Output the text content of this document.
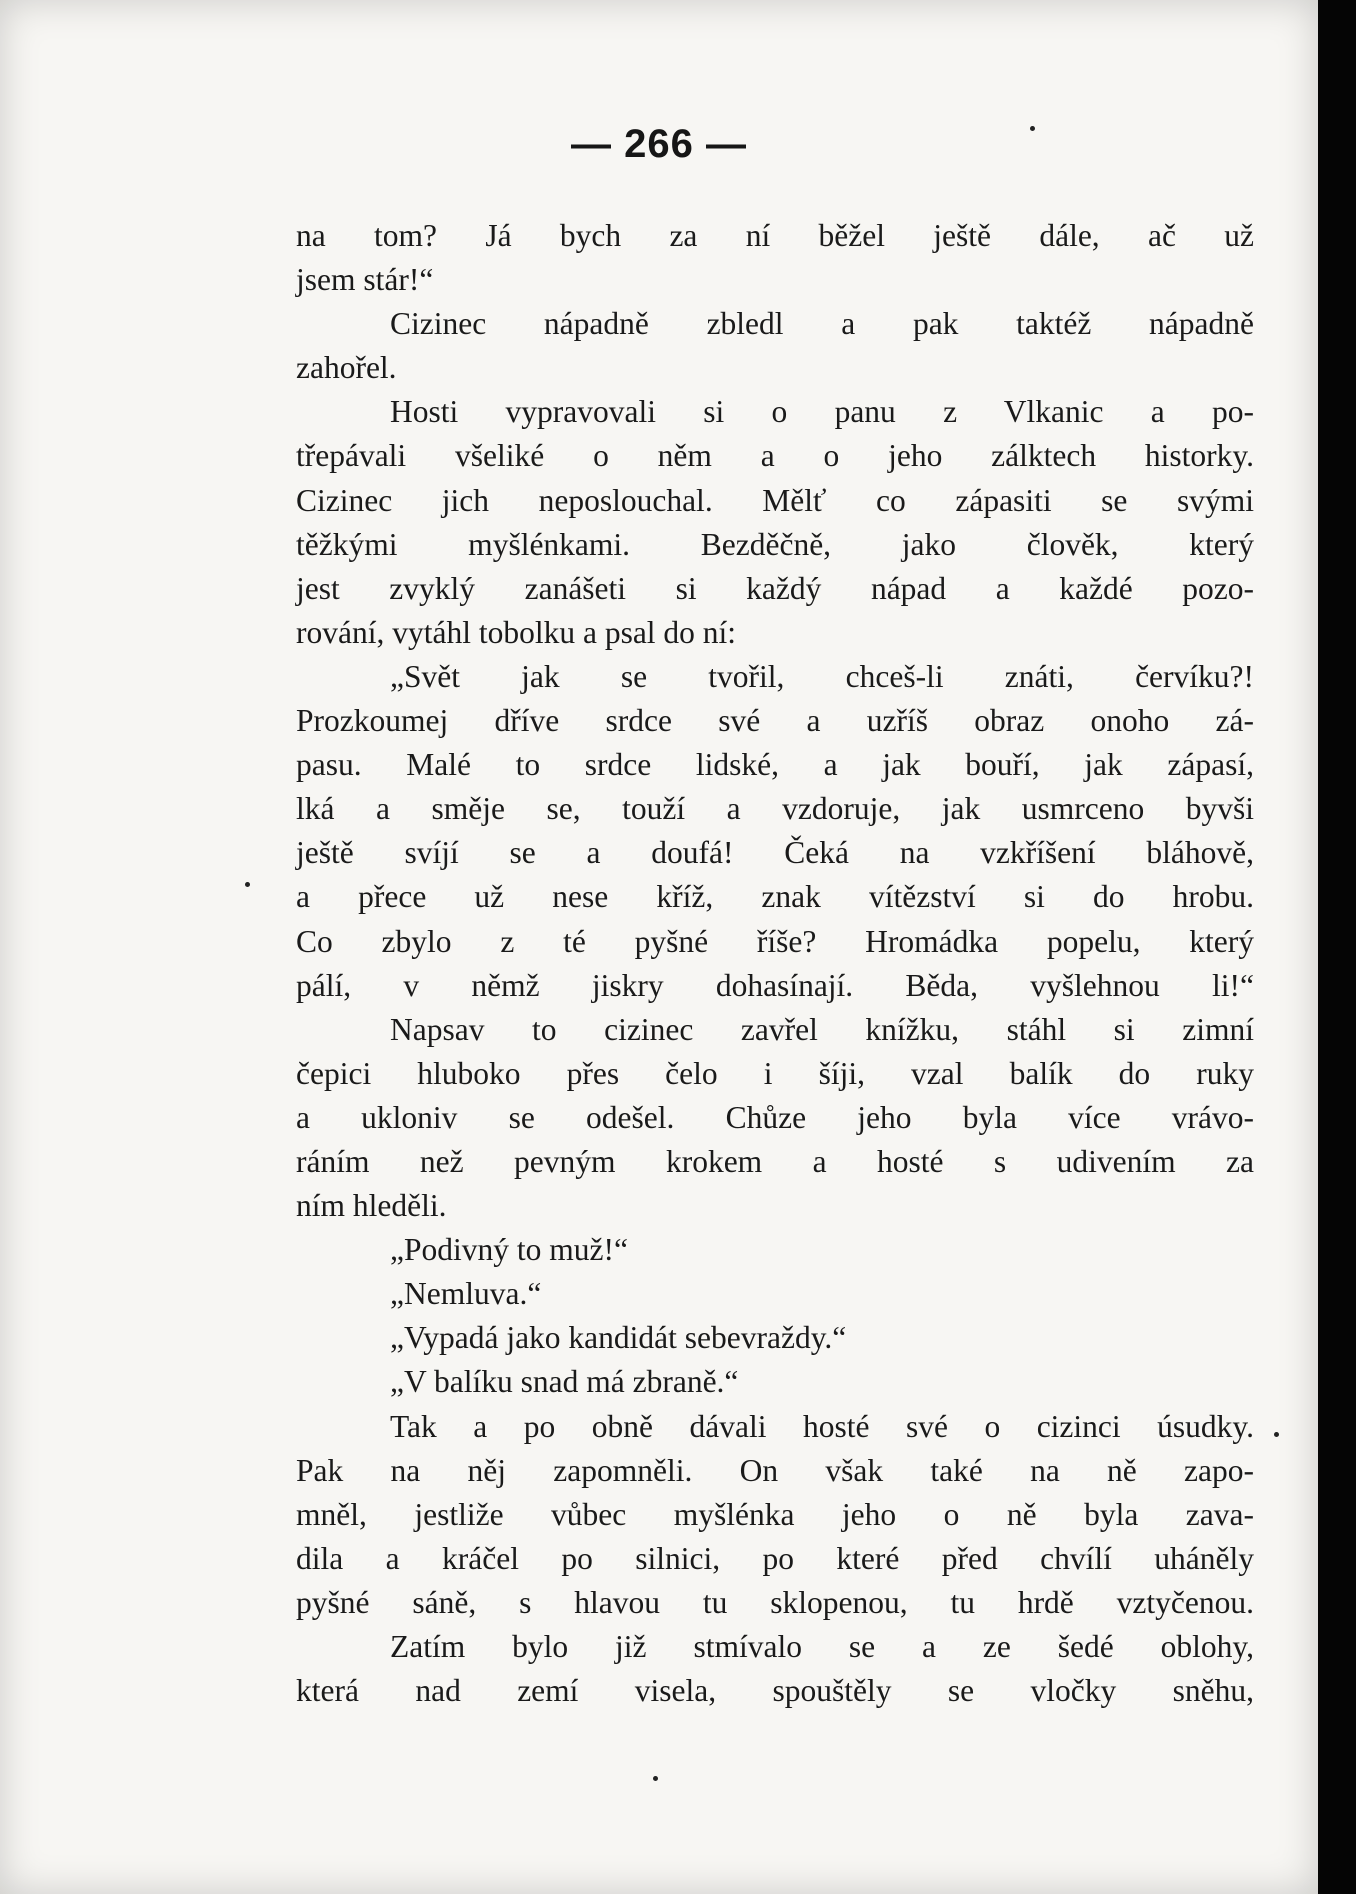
— 266 —
na tom? Já bych za ní běžel ještě dále, ač už
jsem stár!“
Cizinec nápadně zbledl a pak taktéž nápadně
zahořel.
Hosti vypravovali si o panu z Vlkanic a po-
třepávali všeliké o něm a o jeho zálktech historky.
Cizinec jich neposlouchal. Mělť co zápasiti se svými
těžkými myšlénkami. Bezděčně, jako člověk, který
jest zvyklý zanášeti si každý nápad a každé pozo-
rování, vytáhl tobolku a psal do ní:
„Svět jak se tvořil, chceš-li znáti, červíku?!
Prozkoumej dříve srdce své a uzříš obraz onoho zá-
pasu. Malé to srdce lidské, a jak bouří, jak zápasí,
lká a směje se, touží a vzdoruje, jak usmrceno byvši
ještě svíjí se a doufá! Čeká na vzkříšení bláhově,
a přece už nese kříž, znak vítězství si do hrobu.
Co zbylo z té pyšné říše? Hromádka popelu, který
pálí, v němž jiskry dohasínají. Běda, vyšlehnou li!“
Napsav to cizinec zavřel knížku, stáhl si zimní
čepici hluboko přes čelo i šíji, vzal balík do ruky
a ukloniv se odešel. Chůze jeho byla více vrávo-
ráním než pevným krokem a hosté s udivením za
ním hleděli.
„Podivný to muž!“
„Nemluva.“
„Vypadá jako kandidát sebevraždy.“
„V balíku snad má zbraně.“
Tak a po obně dávali hosté své o cizinci úsudky.
Pak na něj zapomněli. On však také na ně zapo-
mněl, jestliže vůbec myšlénka jeho o ně byla zava-
dila a kráčel po silnici, po které před chvílí uháněly
pyšné sáně, s hlavou tu sklopenou, tu hrdě vztyčenou.
Zatím bylo již stmívalo se a ze šedé oblohy,
která nad zemí visela, spouštěly se vločky sněhu,
